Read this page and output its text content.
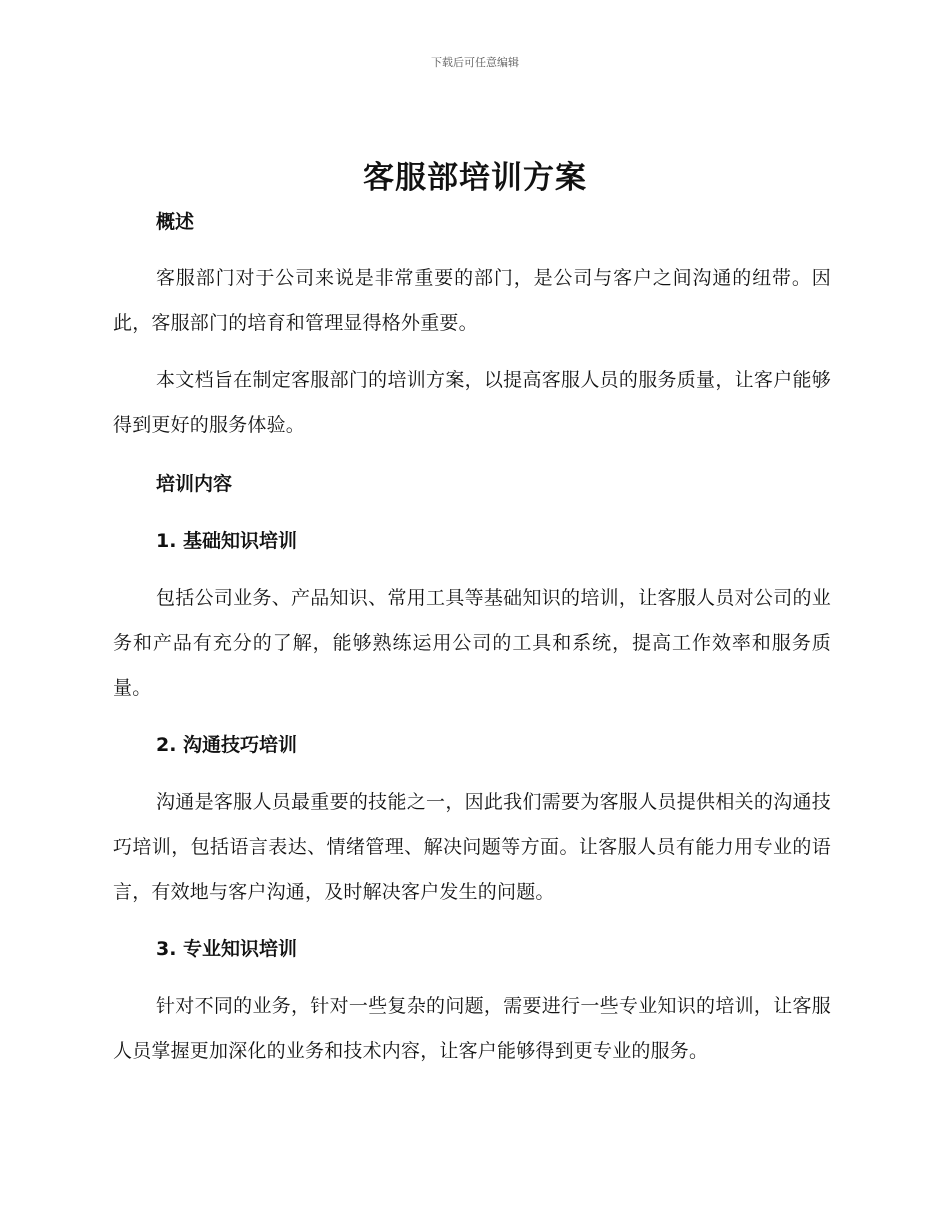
下载后可任意编辑
客服部培训方案
概述
客服部门对于公司来说是非常重要的部门，是公司与客户之间沟通的纽带。因此，客服部门的培育和管理显得格外重要。
本文档旨在制定客服部门的培训方案，以提高客服人员的服务质量，让客户能够得到更好的服务体验。
培训内容
1. 基础知识培训
包括公司业务、产品知识、常用工具等基础知识的培训，让客服人员对公司的业务和产品有充分的了解，能够熟练运用公司的工具和系统，提高工作效率和服务质量。
2. 沟通技巧培训
沟通是客服人员最重要的技能之一，因此我们需要为客服人员提供相关的沟通技巧培训，包括语言表达、情绪管理、解决问题等方面。让客服人员有能力用专业的语言，有效地与客户沟通，及时解决客户发生的问题。
3. 专业知识培训
针对不同的业务，针对一些复杂的问题，需要进行一些专业知识的培训，让客服人员掌握更加深化的业务和技术内容，让客户能够得到更专业的服务。
